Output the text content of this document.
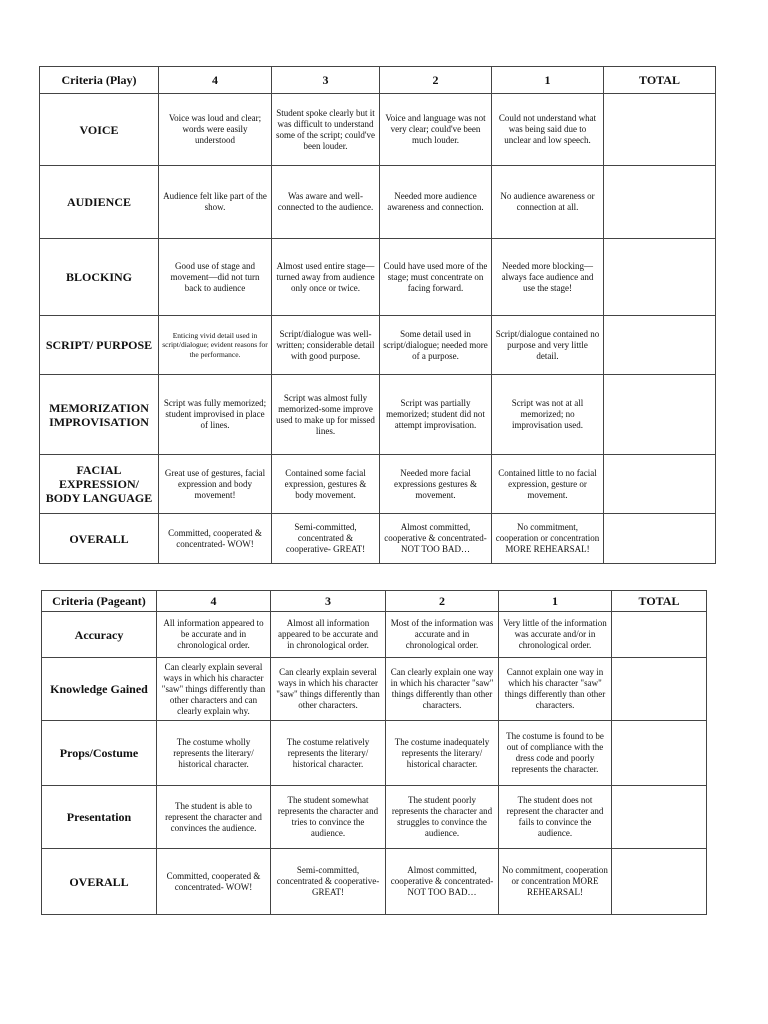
Criteria (Play)	4	3	2	1	TOTAL
VOICE	Voice was loud and clear; words were easily understood	Student spoke clearly but it was difficult to understand some of the script; could've been louder.	Voice and language was not very clear; could've been much louder.	Could not understand what was being said due to unclear and low speech.	
AUDIENCE	Audience felt like part of the show.	Was aware and well-connected to the audience.	Needed more audience awareness and connection.	No audience awareness or connection at all.	
BLOCKING	Good use of stage and movement—did not turn back to audience	Almost used entire stage—turned away from audience only once or twice.	Could have used more of the stage; must concentrate on facing forward.	Needed more blocking—always face audience and use the stage!	
SCRIPT/ PURPOSE	Enticing vivid detail used in script/dialogue; evident reasons for the performance.	Script/dialogue was well-written; considerable detail with good purpose.	Some detail used in script/dialogue; needed more of a purpose.	Script/dialogue contained no purpose and very little detail.	
MEMORIZATION IMPROVISATION	Script was fully memorized; student improvised in place of lines.	Script was almost fully memorized-some improve used to make up for missed lines.	Script was partially memorized; student did not attempt improvisation.	Script was not at all memorized; no improvisation used.	
FACIAL EXPRESSION/ BODY LANGUAGE	Great use of gestures, facial expression and body movement!	Contained some facial expression, gestures & body movement.	Needed more facial expressions gestures & movement.	Contained little to no facial expression, gesture or movement.	
OVERALL	Committed, cooperated & concentrated- WOW!	Semi-committed, concentrated & cooperative- GREAT!	Almost committed, cooperative & concentrated- NOT TOO BAD…	No commitment, cooperation or concentration MORE REHEARSAL!	
Criteria (Pageant)	4	3	2	1	TOTAL
Accuracy	All information appeared to be accurate and in chronological order.	Almost all information appeared to be accurate and in chronological order.	Most of the information was accurate and in chronological order.	Very little of the information was accurate and/or in chronological order.	
Knowledge Gained	Can clearly explain several ways in which his character "saw" things differently than other characters and can clearly explain why.	Can clearly explain several ways in which his character "saw" things differently than other characters.	Can clearly explain one way in which his character "saw" things differently than other characters.	Cannot explain one way in which his character "saw" things differently than other characters.	
Props/Costume	The costume wholly represents the literary/ historical character.	The costume relatively represents the literary/ historical character.	The costume inadequately represents the literary/ historical character.	The costume is found to be out of compliance with the dress code and poorly represents the character.	
Presentation	The student is able to represent the character and convinces the audience.	The student somewhat represents the character and tries to convince the audience.	The student poorly represents the character and struggles to convince the audience.	The student does not represent the character and fails to convince the audience.	
OVERALL	Committed, cooperated & concentrated- WOW!	Semi-committed, concentrated & cooperative- GREAT!	Almost committed, cooperative & concentrated- NOT TOO BAD…	No commitment, cooperation or concentration MORE REHEARSAL!	
